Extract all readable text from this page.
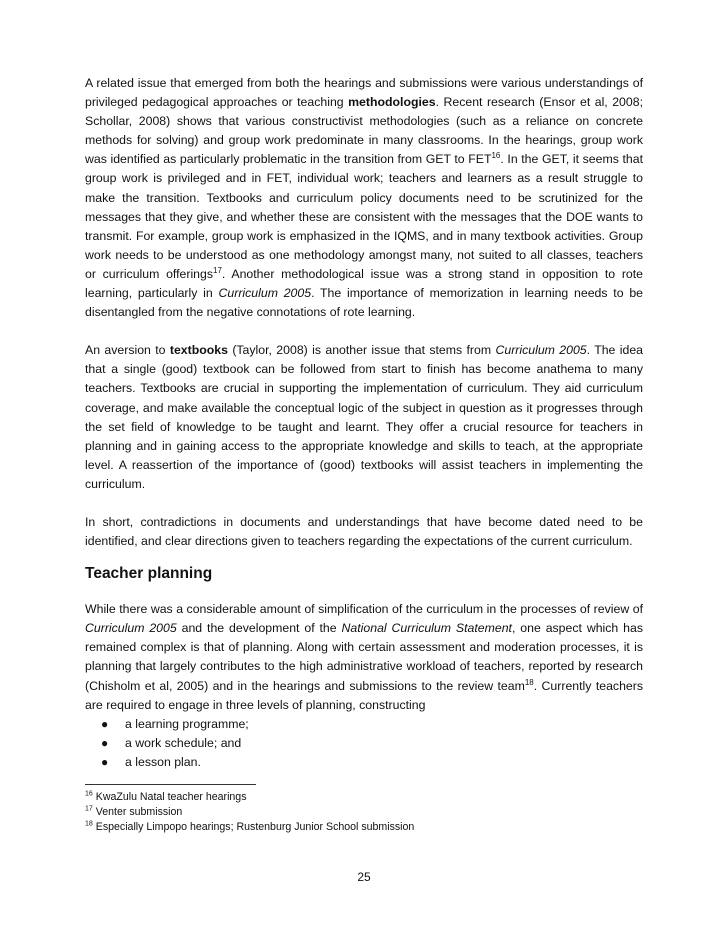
A related issue that emerged from both the hearings and submissions were various understandings of privileged pedagogical approaches or teaching methodologies. Recent research (Ensor et al, 2008; Schollar, 2008) shows that various constructivist methodologies (such as a reliance on concrete methods for solving) and group work predominate in many classrooms. In the hearings, group work was identified as particularly problematic in the transition from GET to FET$^{16}$. In the GET, it seems that group work is privileged and in FET, individual work; teachers and learners as a result struggle to make the transition. Textbooks and curriculum policy documents need to be scrutinized for the messages that they give, and whether these are consistent with the messages that the DOE wants to transmit. For example, group work is emphasized in the IQMS, and in many textbook activities. Group work needs to be understood as one methodology amongst many, not suited to all classes, teachers or curriculum offerings$^{17}$. Another methodological issue was a strong stand in opposition to rote learning, particularly in Curriculum 2005. The importance of memorization in learning needs to be disentangled from the negative connotations of rote learning.

An aversion to textbooks (Taylor, 2008) is another issue that stems from Curriculum 2005. The idea that a single (good) textbook can be followed from start to finish has become anathema to many teachers. Textbooks are crucial in supporting the implementation of curriculum. They aid curriculum coverage, and make available the conceptual logic of the subject in question as it progresses through the set field of knowledge to be taught and learnt. They offer a crucial resource for teachers in planning and in gaining access to the appropriate knowledge and skills to teach, at the appropriate level. A reassertion of the importance of (good) textbooks will assist teachers in implementing the curriculum.

In short, contradictions in documents and understandings that have become dated need to be identified, and clear directions given to teachers regarding the expectations of the current curriculum.

Teacher planning

While there was a considerable amount of simplification of the curriculum in the processes of review of Curriculum 2005 and the development of the National Curriculum Statement, one aspect which has remained complex is that of planning. Along with certain assessment and moderation processes, it is planning that largely contributes to the high administrative workload of teachers, reported by research (Chisholm et al, 2005) and in the hearings and submissions to the review team$^{18}$. Currently teachers are required to engage in three levels of planning, constructing

● a learning programme;
● a work schedule; and
● a lesson plan.
$^{16}$ KwaZulu Natal teacher hearings
$^{17}$ Venter submission
$^{18}$ Especially Limpopo hearings; Rustenburg Junior School submission
25
